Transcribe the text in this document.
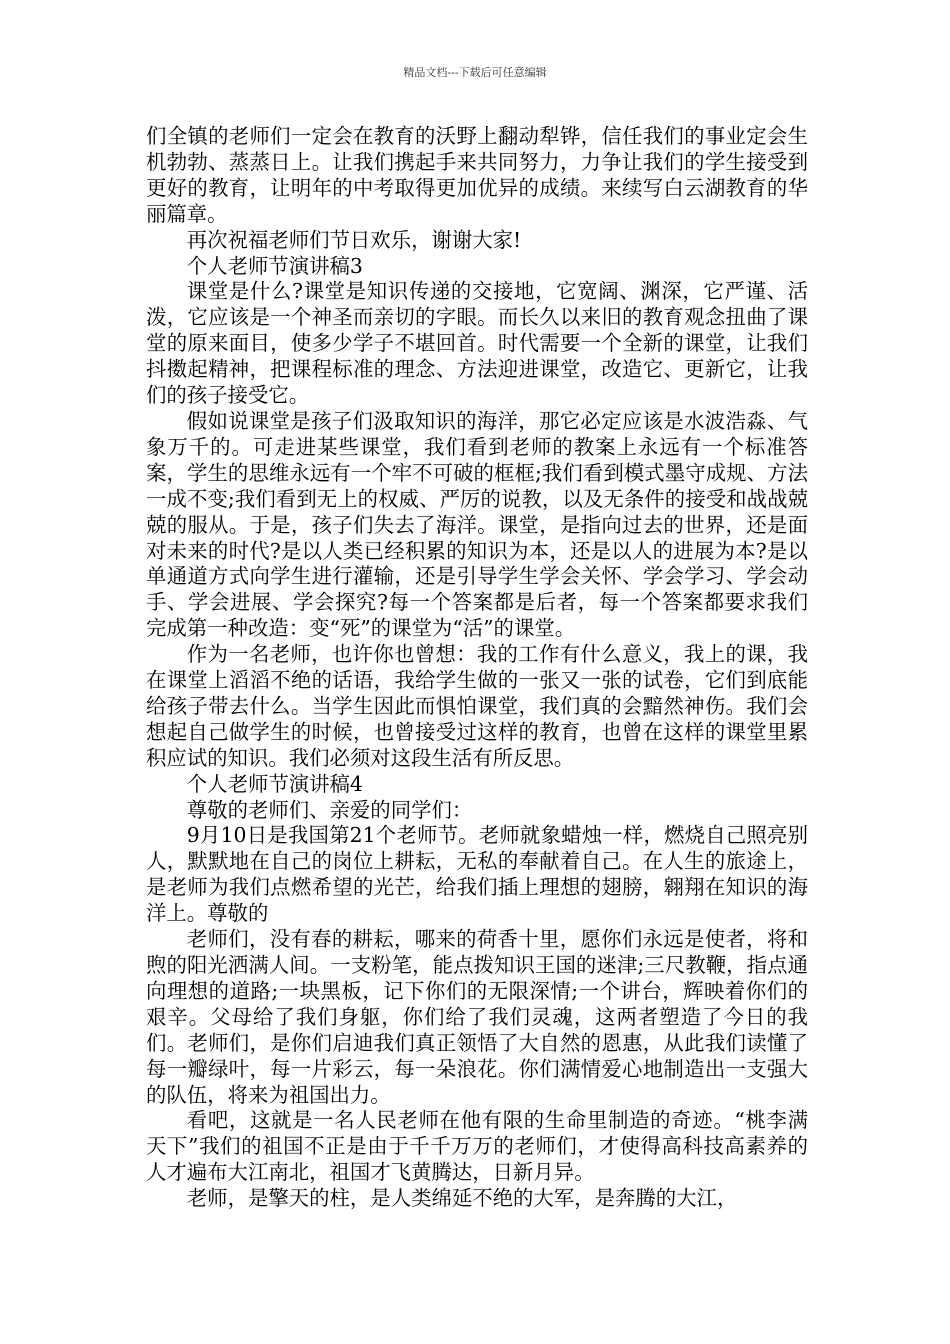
精品文档---下载后可任意编辑

们全镇的老师们一定会在教育的沃野上翻动犁铧，信任我们的事业定会生机勃勃、蒸蒸日上。让我们携起手来共同努力，力争让我们的学生接受到更好的教育，让明年的中考取得更加优异的成绩。来续写白云湖教育的华丽篇章。

再次祝福老师们节日欢乐，谢谢大家!

个人老师节演讲稿3

课堂是什么?课堂是知识传递的交接地，它宽阔、渊深，它严谨、活泼，它应该是一个神圣而亲切的字眼。而长久以来旧的教育观念扭曲了课堂的原来面目，使多少学子不堪回首。时代需要一个全新的课堂，让我们抖擞起精神，把课程标准的理念、方法迎进课堂，改造它、更新它，让我们的孩子接受它。

假如说课堂是孩子们汲取知识的海洋，那它必定应该是水波浩淼、气象万千的。可走进某些课堂，我们看到老师的教案上永远有一个标准答案，学生的思维永远有一个牢不可破的框框;我们看到模式墨守成规、方法一成不变;我们看到无上的权威、严厉的说教，以及无条件的接受和战战兢兢的服从。于是，孩子们失去了海洋。课堂，是指向过去的世界，还是面对未来的时代?是以人类已经积累的知识为本，还是以人的进展为本?是以单通道方式向学生进行灌输，还是引导学生学会关怀、学会学习、学会动手、学会进展、学会探究?每一个答案都是后者，每一个答案都要求我们完成第一种改造：变“死”的课堂为“活”的课堂。

作为一名老师，也许你也曾想：我的工作有什么意义，我上的课，我在课堂上滔滔不绝的话语，我给学生做的一张又一张的试卷，它们到底能给孩子带去什么。当学生因此而惧怕课堂，我们真的会黯然神伤。我们会想起自己做学生的时候，也曾接受过这样的教育，也曾在这样的课堂里累积应试的知识。我们必须对这段生活有所反思。

个人老师节演讲稿4

尊敬的老师们、亲爱的同学们：

9月10日是我国第21个老师节。老师就象蜡烛一样，燃烧自己照亮别人，默默地在自己的岗位上耕耘，无私的奉献着自己。在人生的旅途上，是老师为我们点燃希望的光芒，给我们插上理想的翅膀，翱翔在知识的海洋上。尊敬的

老师们，没有春的耕耘，哪来的荷香十里，愿你们永远是使者，将和煦的阳光洒满人间。一支粉笔，能点拨知识王国的迷津;三尺教鞭，指点通向理想的道路;一块黑板，记下你们的无限深情;一个讲台，辉映着你们的艰辛。父母给了我们身躯，你们给了我们灵魂，这两者塑造了今日的我们。老师们，是你们启迪我们真正领悟了大自然的恩惠，从此我们读懂了每一瓣绿叶，每一片彩云，每一朵浪花。你们满情爱心地制造出一支强大的队伍，将来为祖国出力。

看吧，这就是一名人民老师在他有限的生命里制造的奇迹。“桃李满天下”我们的祖国不正是由于千千万万的老师们，才使得高科技高素养的人才遍布大江南北，祖国才飞黄腾达，日新月异。

老师，是擎天的柱，是人类绵延不绝的大军，是奔腾的大江，
